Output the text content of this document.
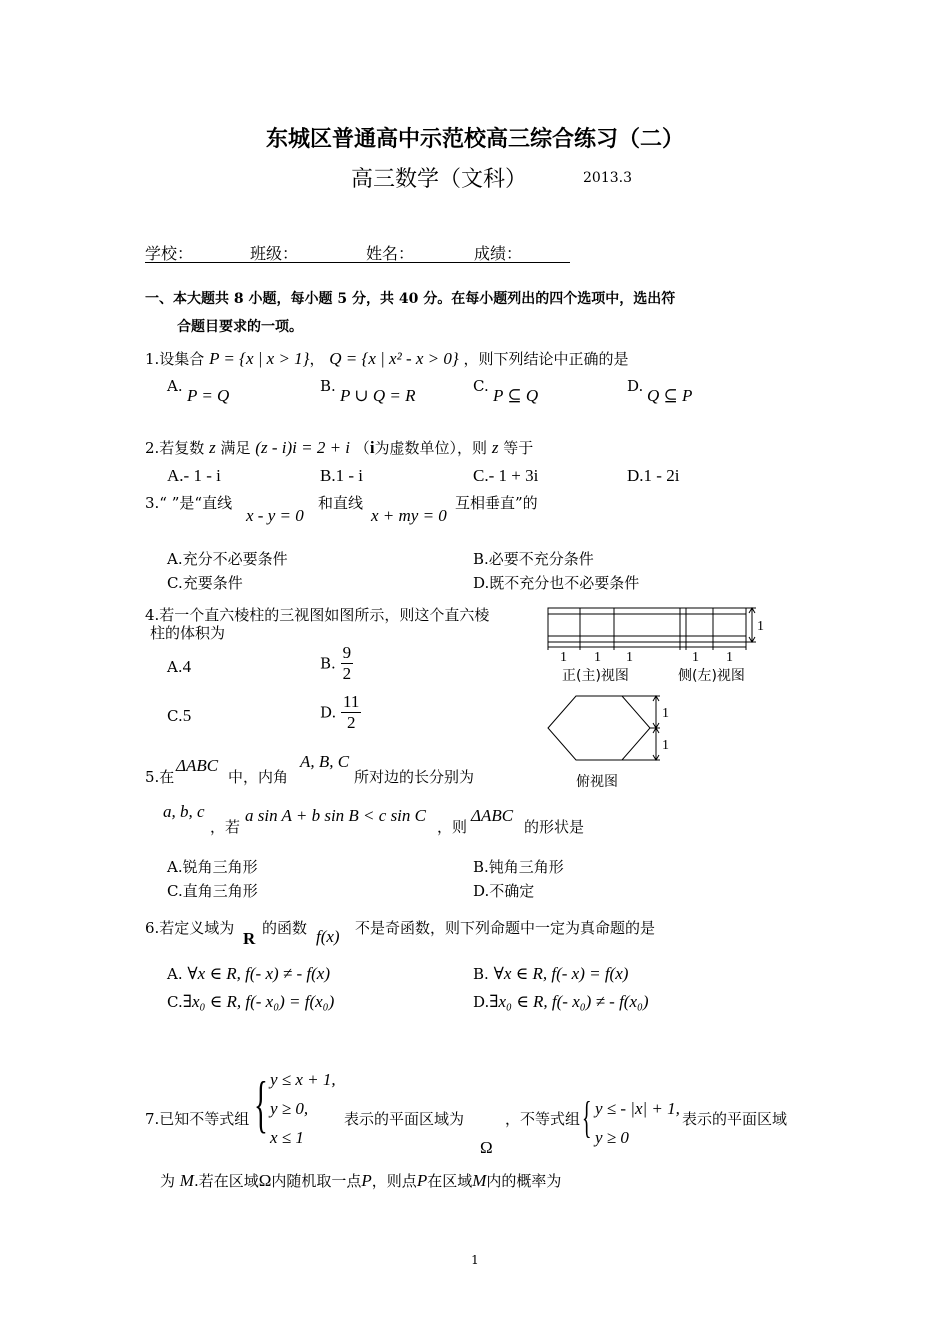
东城区普通高中示范校高三综合练习（二）
高三数学（文科）	2013.3
学校：	班级：	姓名：	成绩：
一、本大题共 8 小题，每小题 5 分，共 40 分。在每小题列出的四个选项中，选出符
合题目要求的一项。
1.设集合 P = {x | x > 1}， Q = {x | x² - x > 0} ，则下列结论中正确的是
A. P = Q	B. P ∪ Q = R	C. P ⊆ Q	D. Q ⊆ P
2.若复数 z 满足 (z - i)i = 2 + i （i为虚数单位），则 z 等于
A.- 1 - i	B.1 - i	C.- 1 + 3i	D.1 - 2i
3.“ ”是“直线
x - y = 0
和直线
x + my = 0
互相垂直”的
A.充分不必要条件	B.必要不充分条件
C.充要条件	D.既不充分也不必要条件
4.若一个直六棱柱的三视图如图所示，则这个直六棱
柱的体积为
A.4	B. $\frac{9}{2}$
C.5	D. $\frac{11}{2}$
1 1 1	1 1
1
1
1
正(主)视图	侧(左)视图
俯视图
5.在
ΔABC
中，内角
A, B, C
所对边的长分别为
a, b, c
，若
a sin A + b sin B < c sin C
，则
ΔABC
的形状是
A.锐角三角形	B.钝角三角形
C.直角三角形	D.不确定
6.若定义域为
R
的函数 f(x) 不是奇函数，则下列命题中一定为真命题的是
A. ∀x ∈ R, f(- x) ≠ - f(x)	B. ∀x ∈ R, f(- x) = f(x)
C.∃x₀ ∈ R, f(- x₀) = f(x₀)	D.∃x₀ ∈ R, f(- x₀) ≠ - f(x₀)
7.已知不等式组 { y ≤ x + 1,
y ≥ 0,
x ≤ 1
表示的平面区域为
Ω
，不等式组 { y ≤ - |x| + 1,
y ≥ 0
表示的平面区域
为 M.若在区域Ω内随机取一点P，则点P在区域M内的概率为
1
